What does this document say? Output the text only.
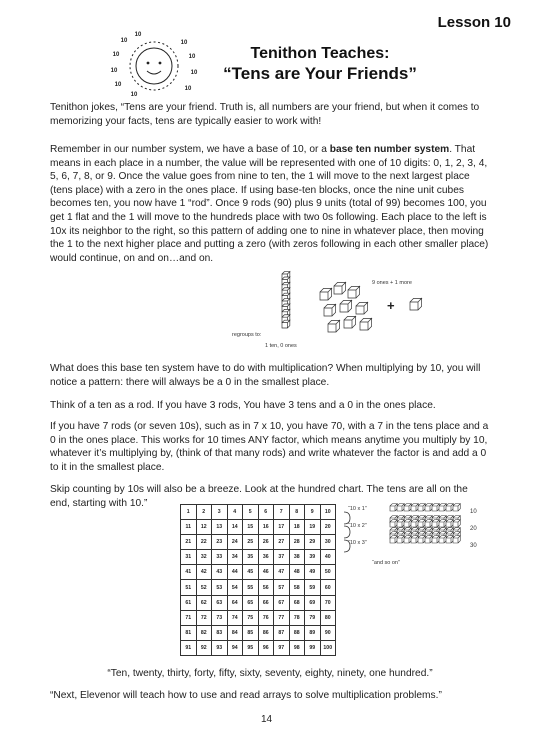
Lesson 10
10
10
10
10	10
10	10
10
10
10
Tenithon Teaches:
“Tens are Your Friends”

Tenithon jokes, “Tens are your friend. Truth is, all numbers are your friend, but when it comes to memorizing your facts, tens are typically easier to work with!

Remember in our number system, we have a base of 10, or a base ten number system. That means in each place in a number, the value will be represented with one of 10 digits: 0, 1, 2, 3, 4, 5, 6, 7, 8, or 9. Once the value goes from nine to ten, the 1 will move to the next largest place (tens place) with a zero in the ones place. If using base-ten blocks, once the nine unit cubes becomes ten, you now have 1 “rod”. Once 9 rods (90) plus 9 units (total of 99) becomes 100, you get 1 flat and the 1 will move to the hundreds place with two 0s following. Each place to the left is 10x its neighbor to the right, so this pattern of adding one to nine in whatever place, then moving the 1 to the next higher place and putting a zero (with zeros following in each other smaller place) would continue, on and on…and on.

regroups to:
1 ten, 0 ones
9 ones + 1 more
+

What does this base ten system have to do with multiplication? When multiplying by 10, you will notice a pattern: there will always be a 0 in the smallest place.

Think of a ten as a rod. If you have 3 rods, You have 3 tens and a 0 in the ones place.

If you have 7 rods (or seven 10s), such as in 7 x 10, you have 70, with a 7 in the tens place and a 0 in the ones place. This works for 10 times ANY factor, which means anytime you multiply by 10, whatever it’s multiplying by, (think of that many rods) and write whatever the factor is and add a 0 to it in the smallest place.

Skip counting by 10s will also be a breeze. Look at the hundred chart. The tens are all on the end, starting with 10.”

1	2	3	4	5	6	7	8	9	10
11	12	13	14	15	16	17	18	19	20
21	22	23	24	25	26	27	28	29	30
31	32	33	34	35	36	37	38	39	40
41	42	43	44	45	46	47	48	49	50
51	52	53	54	55	56	57	58	59	60
61	62	63	64	65	66	67	68	69	70
71	72	73	74	75	76	77	78	79	80
81	82	83	84	85	86	87	88	89	90
91	92	93	94	95	96	97	98	99	100
“10 x 1”
“10 x 2”
“10 x 3”
“and so on”
10
20
30

“Ten, twenty, thirty, forty, fifty, sixty, seventy, eighty, ninety, one hundred.”

“Next, Elevenor will teach how to use and read arrays to solve multiplication problems.”

14
